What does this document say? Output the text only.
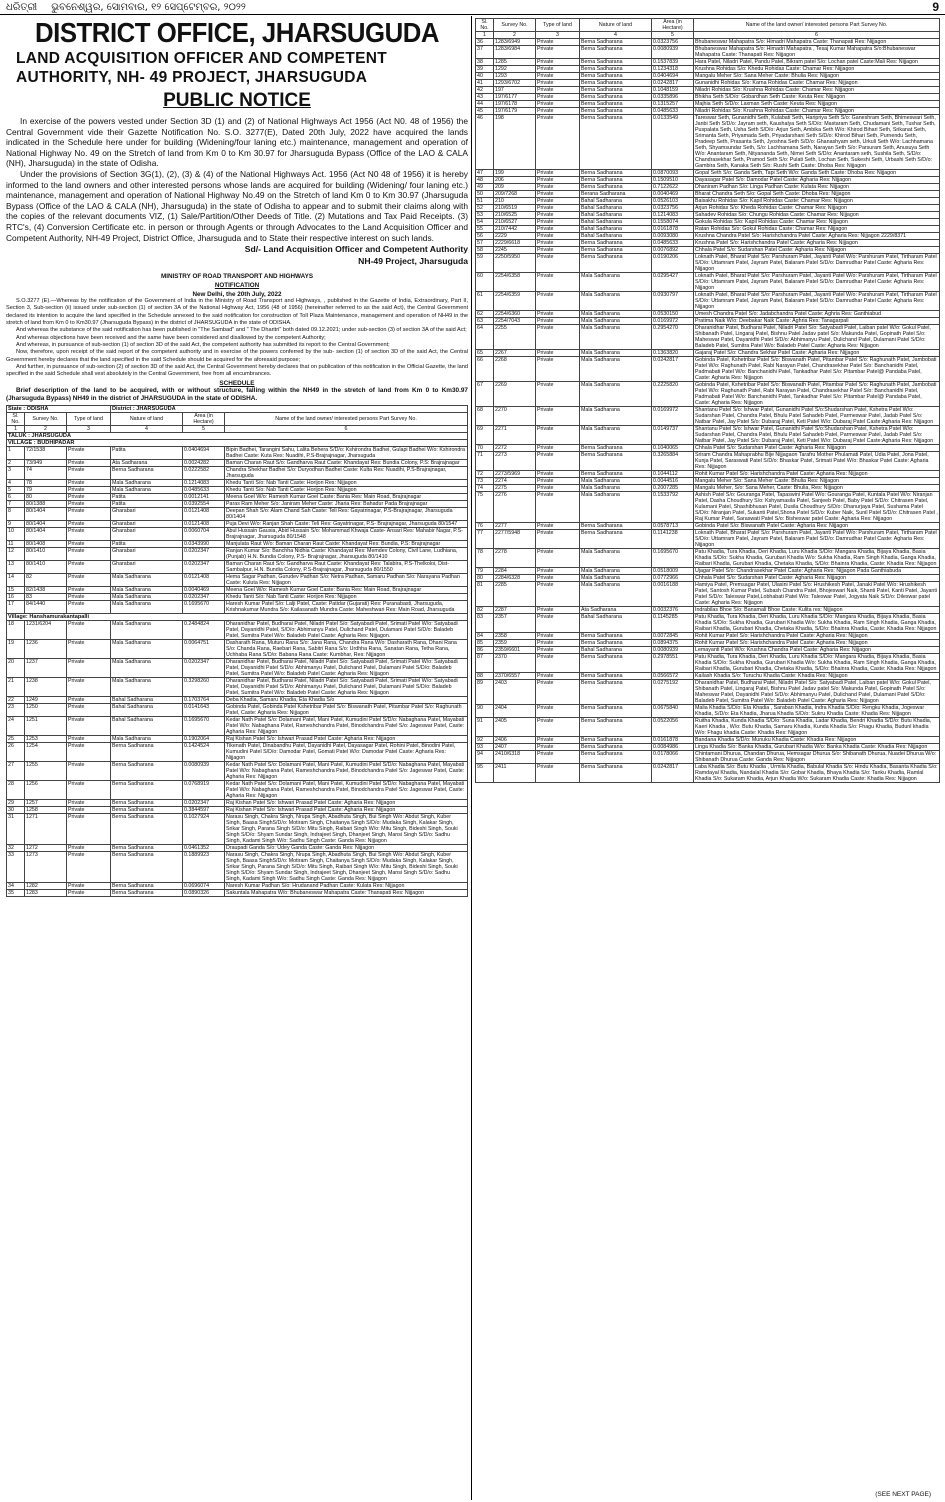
ଧରିତ୍ରୀ ଭୁବନେଶ୍ୱର, ସୋମବାର, ୧୨ ସେପ୍ଟେମ୍ବର, ୨୦୨୨	9
DISTRICT OFFICE, JHARSUGUDA
LAND ACQUISITION OFFICER AND COMPETENT
AUTHORITY, NH- 49 PROJECT, JHARSUGUDA
PUBLIC NOTICE

In exercise of the powers vested under Section 3D (1) and (2) of National Highways Act 1956 (Act N0. 48 of 1956) the Central Government vide their Gazette Notification No. S.O. 3277(E), Dated 20th July, 2022 have acquired the lands indicated in the Schedule here under for building (Widening/four laning etc.) maintenance, management and operation of National Highway No. 49 on the Stretch of land from Km 0 to Km 30.97 for Jharsuguda Bypass (Office of the LAO & CALA (NH), Jharsuguda) in the state of Odisha.

Under the provisions of Section 3G(1), (2), (3) & (4) of the National Highways Act. 1956 (Act N0 48 of 1956) it is hereby informed to the land owners and other interested persons whose lands are acquired for building (Widening/ four laning etc.) maintenance, management and operation of National Highway No.49 on the Stretch of land Km 0 to Km 30.97 (Jharsuguda Bypass (Office of the LAO & CALA (NH), Jharsuguda) in the state of Odisha to appear and to submit their claims along with the copies of the relevant documents VIZ, (1) Sale/Partition/Other Deeds of Title. (2) Mutations and Tax Paid Receipts. (3) RTC's, (4) Conversion Certificate etc. in person or through Agents or through Advocates to the Land Acquisition Officer and Competent Authority, NH-49 Project, District Office, Jharsuguda and to State their respective interest on such lands.

Sd/- Land Acquisition Officer and Competent Authority
NH-49 Project, Jharsuguda
MINISTRY OF ROAD TRANSPORT AND HIGHWAYS
NOTIFICATION
New Delhi, the 20th July, 2022

S.O.3277 (E).—Whereas by the notification of the Government of India in the Ministry of Road Transport and Highways, , published in the Gazette of India, Extraordinary, Part II, Section 3, Sub-section (ii) issued under sub-section (1) of section 3A of the National Highway Act, 1956 (48 of 1956) (hereinafter referred to as the said Act), the Central Government declared its intention to acquire the land specified in the Schedule annexed to the said notification for construction of Toll Plaza Maintenance, management and operation of NH49 in the stretch of land from Km 0 to Km30.97 (Jharsuguda Bypass) in the district of JHARSUGUDA in the state of ODISHA.

And whereas the substance of the said notification has been published in "The Sambad" and " The Dharitri" both dated 09.12.2021; under sub-section (3) of section 3A of the said Act;

And whereas objections have been received and the same have been considered and disallowed by the competent Authority;

And whereas, in pursuance of sub-section (1) of section 3D of the said Act, the competent authority has submitted its report to the Central Government;

Now, therefore, upon receipt of the said report of the competent authority and in exercise of the powers conferred by the sub- section (1) of section 3D of the said Act, the Central Government hereby declares that the land specified in the said Schedule should be acquired for the aforesaid purpose;

And further, in pursuance of sub-section (2) of section 3D of the said Act, the Central Government hereby declares that on publication of this notification in the Official Gazette, the land specified in the said Schedule shall vest absolutely in the Central Government, free from all encumbrances.

SCHEDULE
Brief description of the land to be acquired, with or without structure, falling within the NH49 in the stretch of land from Km 0 to Km30.97 (Jharsuguda Bypass) NH49 in the district of JHARSUGUDA in the state of ODISHA.
State : ODISHA			District : JHARSUGUDA		
Sl. No.	Survey No.	Type of land	Nature of land	Area (in Hectare)	Name of the land owner/ interested persons Part Survey No.
1	2	3	4	5	6
TALUK : JHARSUGUDA					
VILLAGE : BUDHIPADAR					
1	72/1538	Private	Patita	0.0404694	Bipin Badhei, Tarangini Sahu, Lalita Behera S/D/o: Kshirondra Badhei, Gulapi Badhei W/o: Kshirondra Badhei Caste: Kuta Res: Nuadihi, P.S-Brajrajnagar, Jharsuguda
2	73/949	Private	Ata Sadharana	0.0024282	Baman Charan Raut S/o: Gandharva Raut Caste: Khandayat Res: Bundia Colony, P.S: Brajrajnagar
3	74	Private	Berna Sadharana	0.0222582	Chandra Shekhar Badhei S/o: Duryodhan Badhei Caste: Kulta Res: Nuadihi, P.S-Brajrajnagar, Jharsuguda
4	78	Private	Mala Sadharana	0.1214083	Khedu Tanti S/o: Nab Tanti Caste: Horijon Res: Nijjagon
5	79	Private	Mala Sadharana	0.0485633	Khedu Tanti S/o: Nab Tanti Caste: Horijon Res: Nijjagon
6	80	Private	Patita	0.0012141	Meena Goel W/o: Ramesh Kumar Goel Caste: Bania Res: Main Road, Brajrajnagar
7	80/1388	Private	Patita	0.0392554	Paras Ram Meher S/o: Janiram Meher Caste: Jharia Res: Bahadur Pada Brajrajnagar
8	80/1404	Private	Gharabari	0.0121408	Deepan Shah S/o: Alam Chand Sah Caste: Teli Res: Gayatrinagar, P.S-Brajrajnagar, Jharsuguda 80/1404
9	80/1404	Private	Gharabari	0.0121408	Puja Devi W/o: Ranjan Shah Caste: Teli Res: Gayatrinagar, P.S- Brajrajnagar, Jharsuguda 80/1547
10	80/1404	Private	Gharabari	0.0060704	Abul Hussain Gausia, Abid Hussain S/o: Mohammad Khwaja Caste- Ansari Res: Mahabir Nagar, P.S- Brajrajnagar, Jharsuguda 80/1548
11	80/1408	Private	Patita	0.0343990	Manjulata Raut W/o: Baman Charan Raut Caste: Khandayat Res: Bundia, P.S: Brajrajnagar
12	80/1410	Private	Gharabari	0.0202347	Ranjan Kumar S/o: Banchha Nidhia Caste: Khandayat Res: Memdev Colony, Civil Lane, Ludhiana, (Punjab) H.N. Bundia Colony, P.S- Brajrajnagar, Jharsuguda 80/1410
13	80/1410	Private	Gharabari	0.0202347	Baman Charan Raut S/o: Gandharva Raut Caste: Khandayat Res: Talabira, P.S-Thelkoloi, Dist- Sambalpur, H.N. Bundia Colony, P.S-Brajrajnagar, Jharsuguda 80/1550
14	82	Private	Mala Sadharana	0.0121408	Hema Sagar Padhan, Gurudev Padhan S/o: Netra Padhan, Samaru Padhan S/o: Narayana Padhan Caste: Kuluta Res: Nijjagon
15	82/1438	Private	Mala Sadharana	0.0040469	Meena Goel W/o: Ramesh Kumar Goel Caste: Bania Res: Main Road, Brajrajnagar
16	83	Private	Mala Sadharana	0.0202347	Khedu Tanti S/o: Nab Tanti Caste: Horijon Res: Nijjagon
17	84/1440	Private	Mala Sadharana	0.1695670	Haresh Kumar Patel S/o: Lalji Patel, Caste: Patidar (Gujarati) Res: Puranabasti, Jharsuguda, Krishnakumar Mundra S/o: Kailasanath Mundra Caste: Maheshwari Res: Main Road, Jharsuguda
Village: Hanshamurakantapalli					
18	1231/6204	Private	Mala Sadharana	0.2484824	Dharanidhar Patel, Budharai Patel, Niladri Patel S/o: Satyabadi Patel, Srimati Patel W/o: Satyabadi Patel, Dayanidhi Patel, S/D/o: Abhimanyu Patel, Dulichand Patel, Dulamani Patel S/D/o: Baladeb Patel, Sumitra Patel W/o: Baladeb Patel Caste: Agharia Res: Nijjagon.
19	1236	Private	Mala Sadharana	0.0064751	Dasharath Rana, Muturu Rana S/o: Jana Rana, Chandra Rana W/o: Dasharath Rana, Dhani Rana S/o: Chanda Rana, Raebari Rana, Sabitri Rana S/o: Urdhha Rana, Sanatan Rana, Tetha Rana, Uchhaba Rana S/D/o: Babana Rana Caste: Kumbhar, Res: Nijjagon
20	1237	Private	Mala Sadharana	0.0202347	Dharanidhar Patel, Budharai Patel, Niladri Patel S/o: Satyabadi Patel, Srimati Patel W/o: Satyabadi Patel, Dayanidhi Patel S/D/o: Abhimanyu Patel, Dulichand Patel, Dulamani Patel S/D/o: Baladeb Patel, Sumitra Patel W/o: Baladeb Patel Caste: Agharia Res: Nijjagon
21	1238	Private	Mala Sadharana	0.3298260	Dharanidhar Patel, Budharai Patel, Niladri Patel S/o: Satyabadi Patel, Srimati Patel W/o: Satyabadi Patel, Dayanidhi Patel S/D/o: Abhimanyu Patel, Dulichand Patel, Dulamani Patel S/D/o: Baladeb Patel, Sumitra Patel W/o: Baladeb Patel Caste: Agharia Res: Nijjagon
22	1249	Private	Bahal Sadharana	0.1703764	Deba Khadia, Samaru Khadia, Eta Khadia S/o
23	1250	Private	Bahal Sadharana	0.0141643	Gobinda Patel, Gobinda Patel Kshetribar Patel S/o: Biswanath Patel, Pitambar Patel S/o: Raghunath Patel, Caste: Agharia Res: Nijjagon
24	1251	Private	Bahal Sadharana	0.1695670	Kedar Nath Patel S/o: Dolamani Patel, Mani Patel, Kumudini Patel S/D/o: Nabaghana Patel, Mayabati Patel W/o: Nabaghana Patel, Rameshchandra Patel, Binodchandra Patel S/o: Jageswar Patel, Caste: Agharia Res: Nijjagon
25	1253	Private	Mala Sadharana	0.1902064	Raj Kishan Patel S/o: Ishwari Prasad Patel Caste: Agharia Res: Nijjagon
26	1254	Private	Berna Sadharana	0.1424524	Tikenath Patel, Dinabandhu Patel, Dayanidhi Patel, Dayasagar Patel, Rohini Patel, Binodini Patel, Kumudini Patel S/D/o: Damodar Patel, Gomati Patel W/o: Damodar Patel Caste: Agharia Res: Nijjagon
27	1255	Private	Berna Sadharana	0.0080939	Kedar Nath Patel S/o: Dolamani Patel, Mani Patel, Kumudini Patel S/D/o: Nabaghana Patel, Mayabati Patel W/o: Nabaghana Patel, Rameshchandra Patel, Binodchandra Patel S/o: Jageswar Patel, Caste: Agharia Res: Nijjagon
28	1256	Private	Berna Sadharana	0.0768919	Kedar Nath Patel S/o: Dolamani Patel, Mani Patel, Kumudini Patel S/D/o: Nabaghana Patel, Mayabati Patel W/o: Nabaghana Patel, Rameshchandra Patel, Binodchandra Patel S/o: Jageswar Patel, Caste: Agharia Res: Nijjagon
29	1257	Private	Berna Sadharana	0.0202347	Raj Kishan Patel S/o: Ishwari Prasad Patel Caste: Agharia Res: Nijjagon
30	1258	Private	Berna Sadharana	0.3844597	Raj Kishan Patel S/o: Ishwari Prasad Patel Caste: Agharia Res: Nijjagon
31	1271	Private	Berna Sadharana	0.1027924	Narasu Singh, Chakra Singh, Nrupa Singh, Abadhuta Singh, Bui Singh W/o: Abdut Singh, Kuber Singh, Baasa SinghS/D/o: Motiram Singh, Chaitanya Singh S/D/o: Mudaka Singh, Kalakar Singh, Srikar Singh, Parana Singh S/D/o: Mitu Singh, Raibari Singh W/o: Mitu Singh, Bideshi Singh, Souki Singh S/D/o: Shyam Sundar Singh, Indrajeet Singh, Dhanjeet Singh, Mansi Singh S/D/o: Sadhu Singh, Kadami Singh W/o: Sadhu Singh Caste: Ganda Res: Nijjagon
32	1272	Private	Berna Sadharana	0.0461352	Draupadi Ganda S/o: Udey Ganda Caste: Ganda Res: Nijjagon
33	1273	Private	Berna Sadharana	0.1889923	Narasu Singh, Chakra Singh, Nrupa Singh, Abadhuta Singh, Bui Singh W/o: Abdut Singh, Kuber Singh, Baasa SinghS/D/o: Motiram Singh, Chaitanya Singh S/D/o: Mudaka Singh, Kalakar Singh, Srikar Singh, Parana Singh S/D/o: Mitu Singh, Raibari Singh W/o: Mitu Singh, Bideshi Singh, Souki Singh S/D/o: Shyam Sundar Singh, Indrajeet Singh, Dhanjeet Singh, Mansi Singh S/D/o: Sadhu Singh, Kadami Singh W/o: Sadhu Singh Caste: Ganda Res: Nijjagon
34	1282	Private	Berna Sadharana	0.0696074	Naresh Kumar Padhan S/o: Hrudanand Padhan Caste: Kulata Res: Nijjagon
35	1283	Private	Berna Sadharana	0.0890326	Sakuntala Mahapatra W/o: Bhubaneswar Mahapatra Caste: Thanapati Res: Nijjagon
Sl. No.	Survey No.	Type of land	Nature of land	Area (in Hectare)	Name of the land owner/ interested persons Part Survey No.
1	2	3	4	5	6
36	1283/6949	Private	Berna Sadharana	0.0323756	Bhubaneswar Mahapatra S/o: Himadri Mahapatra Caste: Thanapati Res: Nijjagon
37	1283/6984	Private	Berna Sadharana	0.0080939	Bhubaneswar Mahapatra S/o: Himadri Mahapatra , Tesaj Kumar Mahapatra S/o:Bhubaneswar Mahapatra Caste: Thanapati Res: Nijjagon
38	1285	Private	Berna Sadharana	0.1537839	Hara Patel, Niladri Patel, Pandu Patel, Bikram patel S/o: Lochan patel Caste:Mali Res: Nijjagon
39	1292	Private	Berna Sadharana	0.1234318	Krushna Rohidas S/o: Khedu Rohidas Caste: Chamar Res: Nijjagon
40	1293	Private	Berna Sadharana	0.0404694	Mangalu Meher S/o: Sana Meher Caste: Bhulia Res: Nijjagon
41	1293/6702	Private	Berna Sadharana	0.0242817	Gunanidhi Rohidas S/o: Karna Rohidas Caste: Chamar Res: Nijjagon
42	197	Private	Berna Sadharana	0.1048159	Niladri Rohidas S/o: Krushna Rohidas Caste: Chamar Res: Nijjagon
43	197/6177	Private	Berna Sadharana	0.0335896	Bhikha Seth S/D/o: Gobardhan Seth Caste: Keuta Res: Nijjagon
44	197/6178	Private	Berna Sadharana	0.1315257	Majhia Seth S/D/o: Laxman Seth Caste: Keuta Res: Nijjagon
45	197/6179	Private	Berna Sadharana	0.0485633	Niladri Rohidas S/o: Krushna Rohidas Caste: Chamar Res: Nijjagon
46	198	Private	Berna Sadharana	0.0133549	Tareswar Seth, Gunanidhi Seth, Kulabati Seth, Haripriya Seth S/o: Ganeshram Seth, Bhimeswari Seth, Janbi Seth S/D/o: Jayram seth, Kaushalya Seth S/D/o: Mastaram Seth, Chudamani Seth, Tushar Seth, Puspalata Seth, Usha Seth S/D/o: Arjun Seth, Ambika Seth W/o: Khirod Bihari Seth, Srikanat Seth, Srimanta Seth, Priyamada Seth, Priyadarshani Seth S/D/o: Khirod Bihari Seth, Purnendu Seth, Pradeep Seth, Prasanta Seth, Jyoshna Seth S/D/o: Ghanashyam seth, Urkuli Seth W/o: Lachhamana Seth, Shyamsundar Seth, S/o: Lachhamana Seth, Narayan Seth S/o: Parsuram Seth, Anusuya Seth W/o: Anantaram Seth, Nityananda Seth, Nimei Seth S/D/o: Anantaram seth, Sushila Seth, S/D/o: Chandrasekhar Seth, Pramod Seth S/o: Pulati Seth, Lochan Seth, Sukeshi Seth, Urbashi Seth S/D/o: Gambira Seth, Kanaka Seth S/o: Rushi Seth Caste: Dhoba Res: Nijjagon
47	199	Private	Berna Sadharana	0.0870093	Gopal Seth S/o: Ganda Seth, Tapi Seth W/o: Ganda Seth Caste: Dhoba Res: Nijjagon
48	206	Private	Berna Sadharana	0.1509510	Dayasagar Patel S/o: Damodar Patel Caste: Agharia Res: Nijjagon
49	209	Private	Berna Sadharana	0.7122622	Dhaniram Padhan S/o: Linga Padhan Caste: Kulata Res: Nijjagon
50	209/7268	Private	Berana Sadharana	0.0040469	Bharat Chandra Seth S/o: Gopal Seth Caste: Dhoba Res: Nijjagon
51	210	Private	Bahal Sadharana	0.0526103	Baisakhu Rohidas S/o: Kapil Rohidas Caste: Chamar Res: Nijjagon
52	210/6519	Private	Bahal Sadharana	0.0323756	Arjun Rohidas S/o: Kheda Rohidas Caste: Chamar Res: Nijjagon
53	210/6525	Private	Bahal Sadharana	0.1214083	Sahadev Rohidas S/o: Chungu Rohidas Caste: Chamar Res: Nijjagon
54	210/6527	Private	Bahal Sadharana	0.1558074	Gokula Rohidas S/o: Kapil Rohidas Caste: Chamar Res: Nijjagon
55	210/7442	Private	Bahal Sadharana	0.0161878	Ratan Rohidas S/o: Gokul Rohidas Caste: Chamar Res: Nijjagon
56	2229	Private	Bahal Sadharana	0.0093080	Krushna Chandra Patel S/o: Harishchandra Patel Caste: Agharia Res: Nijjagon 2229/8371
57	2229/6618	Private	Berna Sadharana	0.0485633	Krushna Patel S/o: Harishchandra Patel Caste: Agharia Res: Nijjagon
58	2245	Private	Berna Sadharana	0.0076892	Chhala Patel S/o: Sudarshan Patel Caste: Agharia Res: Nijjagon
59	2250/5950	Private	Berna Sadharana	0.0190206	Loknath Patel, Bharat Patel S/o: Parshuram Patel, Jayanti Patel W/o: Parshuram Patel, Tirtharam Patel S/D/o: Uttamram Patel, Jayram Patel, Balaram Patel S/D/o: Damrudhar Patel Caste: Agharia Res: Nijjagon
60	2254/6358	Private	Mala Sadharana	0.0295427	Loknath Patel, Bharat Patel S/o: Parshuram Patel, Jayanti Patel W/o: Parshuram Patel, Tirtharam Patel S/D/o: Uttamram Patel, Jayram Patel, Balaram Patel S/D/o: Damrudhar Patel Caste: Agharia Res: Nijjagon
61	2254/6359	Private	Mala Sadharana	0.0930797	Loknath Patel, Bharat Patel S/o: Parshuram Patel, Jayanti Patel W/o: Parshuram Patel, Tirtharam Patel S/D/o: Uttamram Patel, Jayram Patel, Balaram Patel S/D/o: Damrudhar Patel Caste: Agharia Res: Nijjagon
62	2254/6360	Private	Mala Sadharana	0.0530150	Umesh Chandra Patel S/o: Jadabchandra Patel Caste: Aghria Res: Ganthiabud
63	2254/7043	Private	Mala Sadharana	0.0169972	Pratima Naik W/o: Deebakar Naik Caste: Aghria Res: Tanagarpali
64	2255	Private	Mala Sadharana	0.2954270	Dharanidhar Patel, Budharai Patel, Niladri Patel S/o: Satyabadi Patel, Laiban patel W/o: Gokul Patel, Shibanath Patel, Lingaraj Patel, Bishnu Patel Jadav patel S/o: Makunda Patel, Gopinath Patel S/o: Maheswar Patel, Dayanidhi Patel S/D/o: Abhimanyu Patel, Dulichand Patel, Dulamani Patel S/D/o: Baladeb Patel, Sumitra Patel W/o: Baladeb Patel Caste: Agharia Res: Nijjagon
65	2267	Private	Mala Sadharana	0.1363820	Gajaraj Patel S/o: Chandra Sekhar Patel Caste: Agharia Res: Nijjagon
66	2268	Private	Mala Sadharana	0.0242817	Gobinda Patel, Kshetribar Patel S/o: Biswanath Patel, Pitambar Patel S/o: Raghunath Patel, Jambobati Patel W/o: Raghunath Patel, Rabi Narayan Patel, Chandrasekhar Patel S/o: Banchanidhi Patel, Padmabati Patel W/o: Banchanidhi Patel, Tankadhar Patel S/o: Pitambar Patel@ Pandaba Patel, Caste: Agharia Res: Nijjagon
67	2269	Private	Mala Sadharana	0.2225820	Gobinda Patel, Kshetribar Patel S/o: Biswanath Patel, Pitambar Patel S/o: Raghunath Patel, Jambobati Patel W/o: Raghunath Patel, Rabi Narayan Patel, Chandrasekhar Patel S/o: Banchanidhi Patel, Padmabati Patel W/o: Banchanidhi Patel, Tankadhar Patel S/o: Pitambar Patel@ Pandaba Patel, Caste: Agharia Res: Nijjagon
68	2270	Private	Mala Sadharana	0.0169972	Shantanu Patel S/o: Ishwar Patel, Gunanidhi Patel S/o:Shudarshan Patel, Kshetra Patel W/o: Sudarshan Patel, Chandra Patel, Bhulu Patel Sahadeb Patel, Parmeswar Patel, Jadab Patel S/o: Natbar Patel, Jay Patel S/o: Dubaraj Patel, Keti Patel W/o: Dubaraj Patel Caste:Agharia Res: Nijjagon
69	2271	Private	Mala Sadharana	0.0149737	Shantanu Patel S/o: Ishwar Patel, Gunanidhi Patel S/o:Shudarshan Patel, Kshetra Patel W/o: Sudarshan Patel, Chandra Patel, Bhulu Patel Sahadeb Patel, Parmeswar Patel, Jadab Patel S/o: Natbar Patel, Jay Patel S/o: Dubaraj Patel, Keti Patel W/o: Dubaraj Patel Caste:Agharia Res: Nijjagon
70	2272	Private	Berna Sadharana	0.1040065	Chhala Patel S/o: Sudarshan Patel Caste: Agharia Res: Nijjagon
71	2273	Private	Berna Sadharana	0.3265884	Sriram Chandra Mahaprabhu Bije Nijjagaon Tarafru Mother Phulamati Patel, Udia Patel, Jona Patel, Kunja Patel, Saraswati Patel S/D/o: Bhaskar Patel, Srimati Patel W/o: Bhaskar Patel Caste: Agharia Res: Nijjagon
72	2273/5969	Private	Berna Sadharana	0.1044112	Rohit Kumar Patel S/o: Harishchandra Patel Caste: Agharia Res: Nijjagon
73	2274	Private	Mala Sadharana	0.0044516	Mangalu Meher S/o: Sana Meher Caste: Bhulia Res: Nijjagon
74	2275	Private	Mala Sadharana	0.2007285	Mangalu Meher, S/o: Sana Meher, Caste: Bhulia, Res: Nijjagon
75	2276	Private	Mala Sadharana	0.1533792	Ashish Patel S/o: Gouranga Patel, Tapaswini Patel W/o: Gouranga Patel, Kuntala Patel W/o: Niranjan Patel, Dasha Choudhury S/o: Kshyamasila Patel, Sanjeeb Patel, Baby Patel S/D/o: Chitrasen Patel, Kulamani Patel, Shashibhusan Patel, Dusila Choudhury S/D/o: Dhanurjaya Patel, Sushama Patel S/D/o: Niranjan Patel, Sukanti Patel,Shona Patel S/D/o: Kuber Naik, Sunil Patel S/D/o: Chitrasen Patel , Raj Kumar Patel, Saraswati Patel S/o: Bisheswar patel Caste: Agharia Res: Nijjagon
76	2277	Private	Berna Sadharana	0.0578713	Gobinda Patel S/o: Biswanath Patel Caste: Agharia Res: Nijjagon
77	2277/5948	Private	Berna Sadharana	0.1141238	Loknath Patel, Bharat Patel S/o: Parshuram Patel, Jayanti Patel W/o: Parshuram Patel, Tirtharam Patel S/D/o: Uttamram Patel, Jayram Patel, Balaram Patel S/D/o: Damrudhar Patel Caste: Agharia Res: Nijjagon
78	2278	Private	Mala Sadharana	0.1695670	Patu Khadia, Tura Khadia, Deri Khadia, Luru Khadia S/D/o: Mangara Khadia, Bijaya Khadia, Basia Khadia S/D/o: Sukha Khadia, Gurubari Khadia W/o: Sukha Khadia, Ram Singh Khadia, Ganga Khadia, Raibari Khadia, Gurubari Khadia, Chetaka Khadia, S/D/o: Bhainra Khadia, Caste: Khadia Res: Nijjagon
79	2284	Private	Mala Sadharana	0.0518009	Ujagar Patel S/o: Chandrasekhar Patel Caste: Agharia Res: Nijjagon Pada Ganthiabuda
80	2284/6328	Private	Mala Sadharana	0.0772966	Chhala Patel S/o: Sudarshan Patel Caste: Agharia Res: Nijjagon
81	2285	Private	Mala Sadharana	0.0016188	Hamiya Patel, Premsagar Patel, Ulasini Patel S/o: Hrushikesh Patel, Janaki Patel W/o: Hrushikesh Patel, Santosh Kumar Patel, Subash Chandra Patel, Bhojeswari Naik, Shanti Patel, Kanti Patel, Jayanti Patel S/D/o: Taleswar Patel,Lobhabati Patel W/o: Taleswar Patel, Jogyata Naik S/D/o: Dileswar patel Caste: Agharia Res: Nijjagon
82	2287	Private	Ata Sadharana	0.0032376	Indrabilas Bhoe S/o: Banamali Bhoe Caste: Kulita res: Nijjagon
83	2357	Private	Bahal Sadharana	0.1145285	Patu Khadia, Tura Khadia, Deri Khadia, Luru Khadia S/D/o: Mangara Khadia, Bijaya Khadia, Basia Khadia S/D/o: Sukha Khadia, Gurubari Khadia W/o: Sukha Khadia, Ram Singh Khadia, Ganga Khadia, Raibari Khadia, Gurubari Khadia, Chetaka Khadia, S/D/o: Bhainra Khadia, Caste: Khadia Res: Nijjagon
84	2358	Private	Berna Sadharana	0.0072845	Rohit Kumar Patel S/o: Harishchandra Patel Caste: Agharia Res: Nijjagon
85	2359	Private	Berna Sadharana	0.0894375	Rohit Kumar Patel S/o: Harishchandra Patel Caste: Agharia Res: Nijjagon
86	2359/6601	Private	Bahal Sadharana	0.0080939	Lemayanti Patel W/o: Krushna Chandra Patel Caste: Agharia Res: Nijjagon
87	2370	Private	Berna Sadharana	0.2978551	Patu Khadia, Tura Khadia, Deri Khadia, Luru Khadia S/D/o: Mangara Khadia, Bijaya Khadia, Basia Khadia S/D/o: Sukha Khadia, Gurubari Khadia W/o: Sukha Khadia, Ram Singh Khadia, Ganga Khadia, Raibari Khadia, Gurubari Khadia, Chetaka Khadia, S/D/o: Bhainra Khadia, Caste: Khadia Res: Nijjagon
88	2370/6557	Private	Berna Sadharana	0.0566572	Kailash Khadia S/o: Turuchu Khadia Caste: Khadia Res: Nijjagon
89	2403	Private	Berna Sadharana	0.0275192	Dharanidhar Patel, Budharai Patel, Niladri Patel S/o: Satyabadi Patel, Laiban patel W/o: Gokul Patel, Shibanath Patel, Lingaraj Patel, Bishnu Patel Jadav patel S/o: Makunda Patel, Gopinath Patel S/o: Maheswar Patel, Dayanidhi Patel S/D/o: Abhimanyu Patel, Dulichand Patel, Dulamani Patel S/D/o: Baladeb Patel, Sumitra Patel W/o: Baladeb Patel Caste: Agharia Res: Nijjagon
90	2404	Private	Berna Sadharana	0.0675840	Malia Khadia S/D/o: Eta Khadia , Saraban Khadia, Indra Khadia S/D/o: Rengku Khadia, Jogeswar Khadia, S/D/o: Eta Khadia, Jharua Khadia S/D/o: Sukru Khadia Caste: Khadia Res: Nijjagon
91	2405	Private	Berna Sadharana	0.0522056	Ruitha Khadia, Kunda Khadia S/D/o: Suna Khadia, Ladar Khadia, Bendri Khadia S/D/o: Butu Khadia, Kaeri Khadia , W/o: Butu Khadia, Samaru Khadia, Kunda Khadia S/o: Fhagu Khadia, Budunl khadia W/o: Fhagu khadia Caste: Khadia Res: Nijjagon
92	2406	Private	Berna Sadharana	0.0161878	Bandana Khadia S/D/o: Munuku Khadia Caste: Khadia Res: Nijjagon
93	2407	Private	Berna Sadharana	0.0084986	Linga Khadia S/o: Banka Khadia, Gurubari Khadia W/o: Banka Khadia Caste: Khadia Res: Nijjagon
94	2410/6318	Private	Berna Sadharana	0.0178066	Chintamani Dhurua, Chandan Dhurua, Hemsagar Dhurua S/o: Shibanath Dhurua, Nuadei Dhurua W/o: Shibanath Dhurua Caste: Ganda Res: Nijjagon
95	2411	Private	Berna Sadharana	0.0242817	Laba Khadia S/o: Butu Khadia , Urmila Khadia, Babulal Khadia S/o: Hindu Khadia, Basanta Khadia S/o: Ramdayal Khadia, Nandalal Khadia S/o: Gobar Khadia, Bhaya Khadia S/o: Tanku Khadia, Ramlal Khadia S/o: Sukaram Khadia, Arjun Khadia W/o: Sukaram Khadia Caste: Khadia Res: Nijjagon
(SEE NEXT PAGE)
